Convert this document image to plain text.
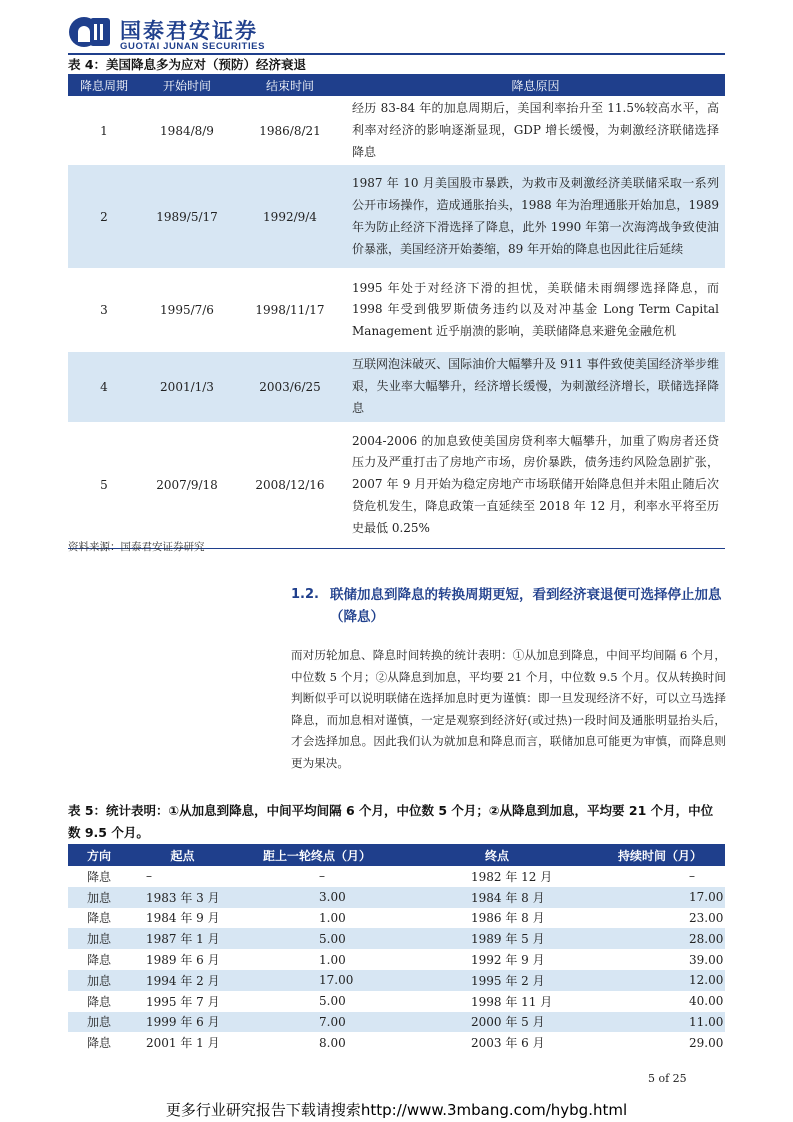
国泰君安证券
GUOTAI JUNAN SECURITIES
表 4：美国降息多为应对（预防）经济衰退
降息周期	开始时间	结束时间	降息原因
1	1984/8/9	1986/8/21	经历 83-84 年的加息周期后，美国利率抬升至 11.5%较高水平，高利率对经济的影响逐渐显现，GDP 增长缓慢，为刺激经济联储选择降息
2	1989/5/17	1992/9/4	1987 年 10 月美国股市暴跌，为救市及刺激经济美联储采取一系列公开市场操作，造成通胀抬头，1988 年为治理通胀开始加息，1989 年为防止经济下滑选择了降息，此外 1990 年第一次海湾战争致使油价暴涨，美国经济开始萎缩，89 年开始的降息也因此往后延续
3	1995/7/6	1998/11/17	1995 年处于对经济下滑的担忧，美联储未雨绸缪选择降息，而 1998 年受到俄罗斯债务违约以及对冲基金 Long Term Capital Management 近乎崩溃的影响，美联储降息来避免金融危机
4	2001/1/3	2003/6/25	互联网泡沫破灭、国际油价大幅攀升及 911 事件致使美国经济举步维艰，失业率大幅攀升，经济增长缓慢，为刺激经济增长，联储选择降息
5	2007/9/18	2008/12/16	2004-2006 的加息致使美国房贷利率大幅攀升，加重了购房者还贷压力及严重打击了房地产市场，房价暴跌，债务违约风险急剧扩张，2007 年 9 月开始为稳定房地产市场联储开始降息但并未阻止随后次贷危机发生，降息政策一直延续至 2018 年 12 月，利率水平将至历史最低 0.25%
资料来源：国泰君安证券研究
1.2. 联储加息到降息的转换周期更短，看到经济衰退便可选择停止加息（降息）
而对历轮加息、降息时间转换的统计表明：①从加息到降息，中间平均间隔 6 个月，中位数 5 个月；②从降息到加息，平均要 21 个月，中位数 9.5 个月。仅从转换时间判断似乎可以说明联储在选择加息时更为谨慎：即一旦发现经济不好，可以立马选择降息，而加息相对谨慎，一定是观察到经济好(或过热)一段时间及通胀明显抬头后，才会选择加息。因此我们认为就加息和降息而言，联储加息可能更为审慎，而降息则更为果决。
表 5：统计表明：①从加息到降息，中间平均间隔 6 个月，中位数 5 个月；②从降息到加息，平均要 21 个月，中位数 9.5 个月。
方向	起点	距上一轮终点（月）	终点	持续时间（月）
降息	–	–	1982 年 12 月	–
加息	1983 年 3 月	3.00	1984 年 8 月	17.00
降息	1984 年 9 月	1.00	1986 年 8 月	23.00
加息	1987 年 1 月	5.00	1989 年 5 月	28.00
降息	1989 年 6 月	1.00	1992 年 9 月	39.00
加息	1994 年 2 月	17.00	1995 年 2 月	12.00
降息	1995 年 7 月	5.00	1998 年 11 月	40.00
加息	1999 年 6 月	7.00	2000 年 5 月	11.00
降息	2001 年 1 月	8.00	2003 年 6 月	29.00
5 of 25
更多行业研究报告下载请搜索http://www.3mbang.com/hybg.html
